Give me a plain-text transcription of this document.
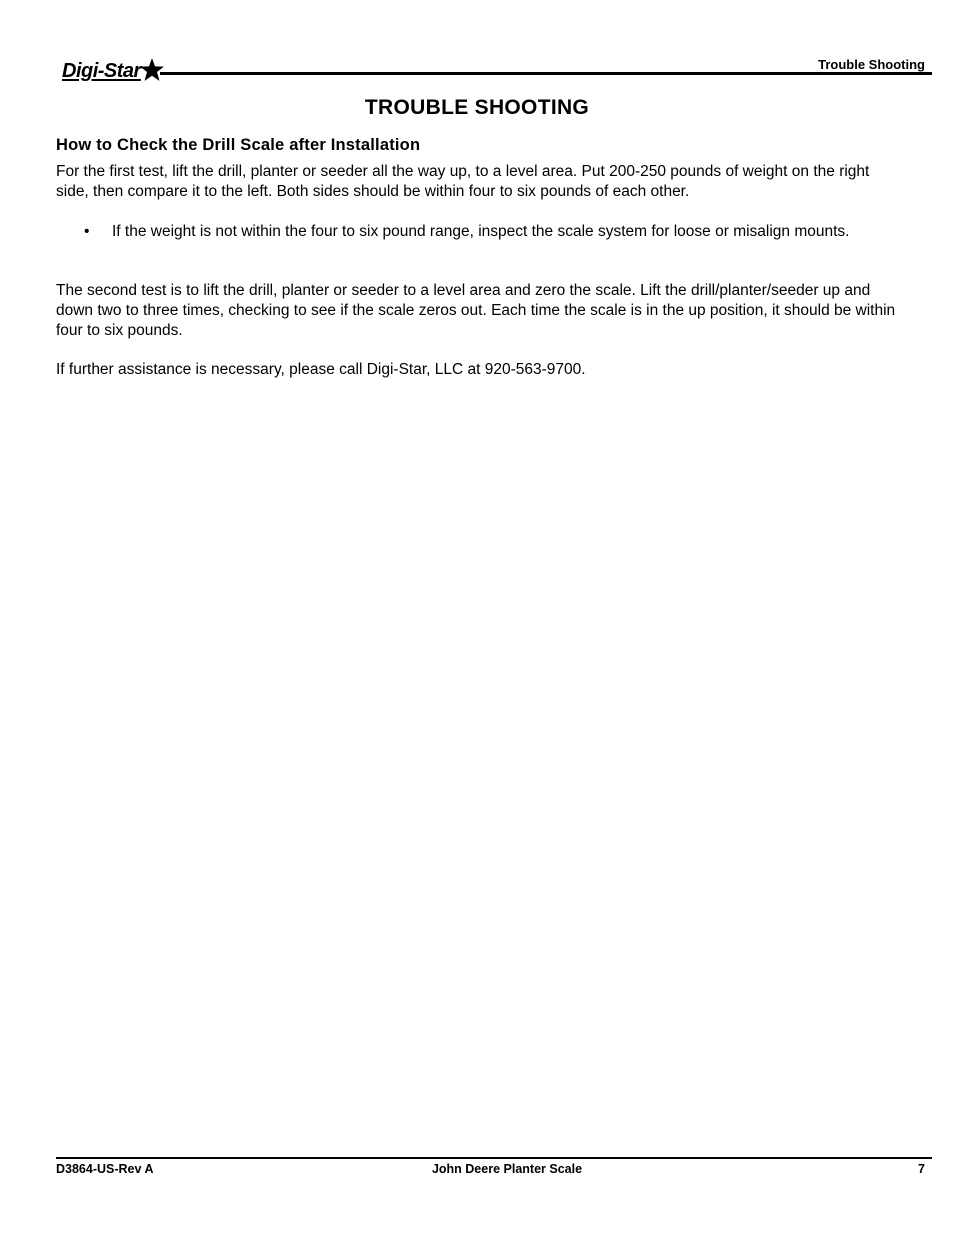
Digi-Star	Trouble Shooting
TROUBLE SHOOTING
How to Check the Drill Scale after Installation

For the first test, lift the drill, planter or seeder all the way up, to a level area. Put 200-250 pounds of weight on the right side, then compare it to the left. Both sides should be within four to six pounds of each other.

• If the weight is not within the four to six pound range, inspect the scale system for loose or misalign mounts.

The second test is to lift the drill, planter or seeder to a level area and zero the scale. Lift the drill/planter/seeder up and down two to three times, checking to see if the scale zeros out. Each time the scale is in the up position, it should be within four to six pounds.

If further assistance is necessary, please call Digi-Star, LLC at 920-563-9700.

D3864-US-Rev A	John Deere Planter Scale	7
